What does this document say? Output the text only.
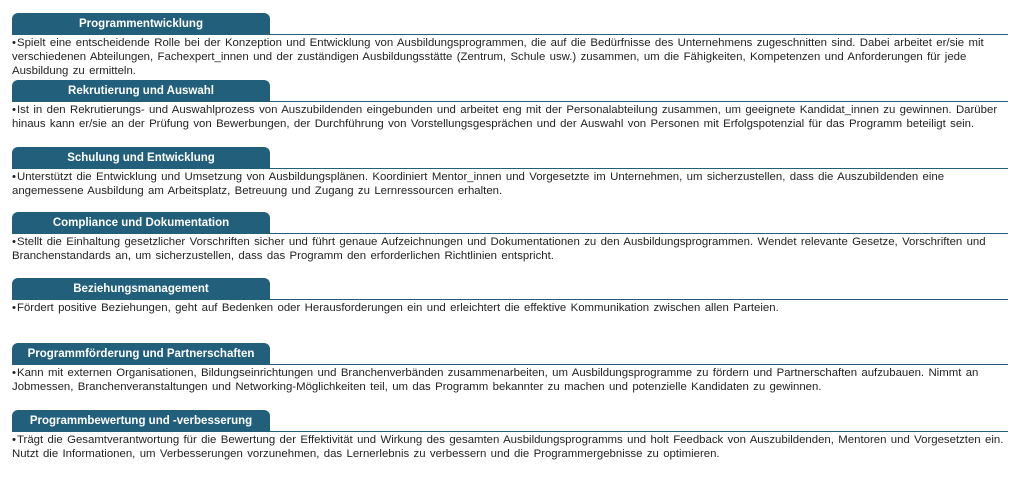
Programmentwicklung
•Spielt eine entscheidende Rolle bei der Konzeption und Entwicklung von Ausbildungsprogrammen, die auf die Bedürfnisse des Unternehmens zugeschnitten sind. Dabei arbeitet er/sie mit verschiedenen Abteilungen, Fachexpert_innen und der zuständigen Ausbildungsstätte (Zentrum, Schule usw.) zusammen, um die Fähigkeiten, Kompetenzen und Anforderungen für jede Ausbildung zu ermitteln.
Rekrutierung und Auswahl
•Ist in den Rekrutierungs- und Auswahlprozess von Auszubildenden eingebunden und arbeitet eng mit der Personalabteilung zusammen, um geeignete Kandidat_innen zu gewinnen. Darüber hinaus kann er/sie an der Prüfung von Bewerbungen, der Durchführung von Vorstellungsgesprächen und der Auswahl von Personen mit Erfolgspotenzial für das Programm beteiligt sein.
Schulung und Entwicklung
•Unterstützt die Entwicklung und Umsetzung von Ausbildungsplänen. Koordiniert Mentor_innen und Vorgesetzte im Unternehmen, um sicherzustellen, dass die Auszubildenden eine angemessene Ausbildung am Arbeitsplatz, Betreuung und Zugang zu Lernressourcen erhalten.
Compliance und Dokumentation
•Stellt die Einhaltung gesetzlicher Vorschriften sicher und führt genaue Aufzeichnungen und Dokumentationen zu den Ausbildungsprogrammen. Wendet relevante Gesetze, Vorschriften und Branchenstandards an, um sicherzustellen, dass das Programm den erforderlichen Richtlinien entspricht.
Beziehungsmanagement
•Fördert positive Beziehungen, geht auf Bedenken oder Herausforderungen ein und erleichtert die effektive Kommunikation zwischen allen Parteien.
Programmförderung und Partnerschaften
•Kann mit externen Organisationen, Bildungseinrichtungen und Branchenverbänden zusammenarbeiten, um Ausbildungsprogramme zu fördern und Partnerschaften aufzubauen. Nimmt an Jobmessen, Branchenveranstaltungen und Networking-Möglichkeiten teil, um das Programm bekannter zu machen und potenzielle Kandidaten zu gewinnen.
Programmbewertung und -verbesserung
•Trägt die Gesamtverantwortung für die Bewertung der Effektivität und Wirkung des gesamten Ausbildungsprogramms und holt Feedback von Auszubildenden, Mentoren und Vorgesetzten ein. Nutzt die Informationen, um Verbesserungen vorzunehmen, das Lernerlebnis zu verbessern und die Programmergebnisse zu optimieren.
